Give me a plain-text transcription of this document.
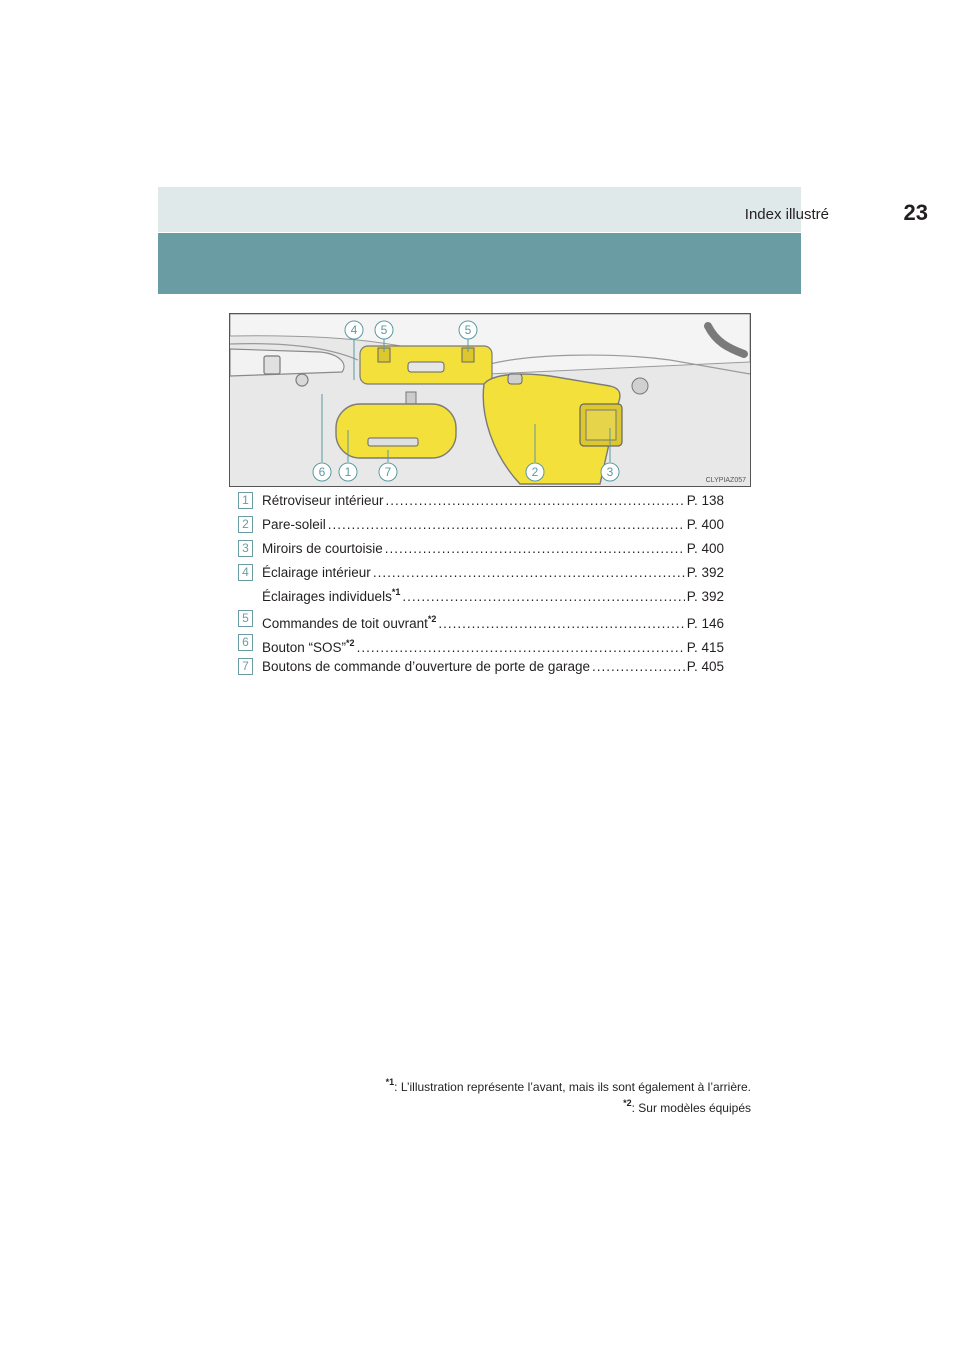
Index illustré	23
4 5	5
6 1	7	2	3
CLYPIAZ057
1 Rétroviseur intérieur .....	P. 138
2 Pare-soleil .....	P. 400
3 Miroirs de courtoisie .....	P. 400
4 Éclairage intérieur .....	P. 392
Éclairages individuels$^{*1}$ .....	P. 392
5 Commandes de toit ouvrant$^{*2}$ .....	P. 146
6 Bouton “SOS”$^{*2}$ .....	P. 415
7 Boutons de commande d’ouverture de porte de garage .....	P. 405
$^{*1}$: L’illustration représente l’avant, mais ils sont également à l’arrière.
$^{*2}$: Sur modèles équipés
